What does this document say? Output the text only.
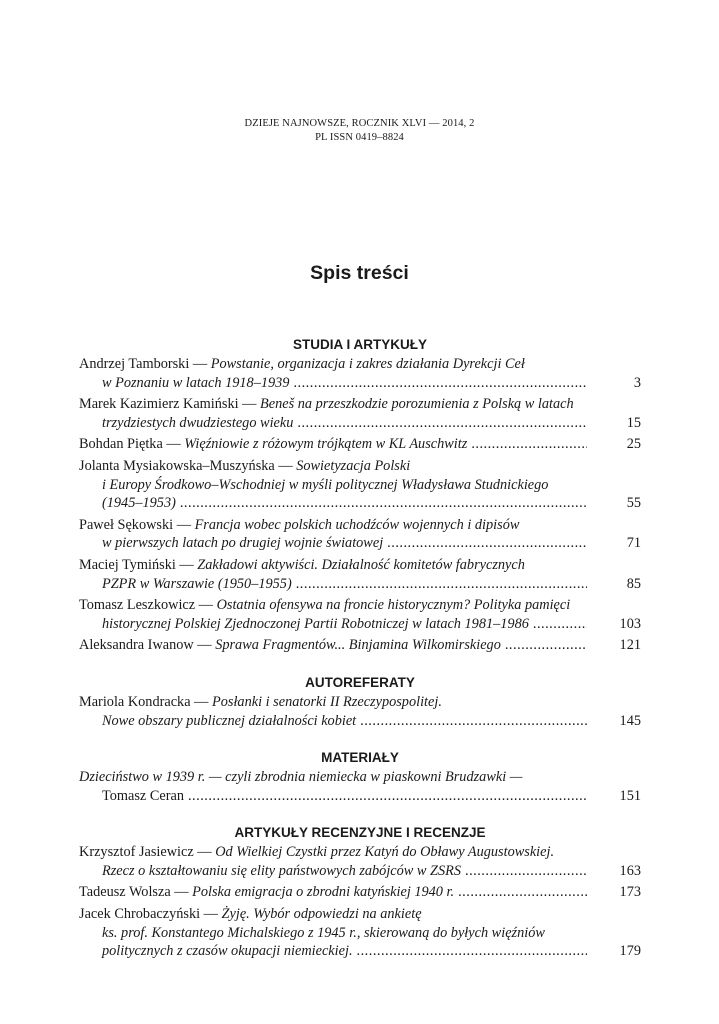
DZIEJE NAJNOWSZE, ROCZNIK XLVI — 2014, 2
PL ISSN 0419–8824
Spis treści
STUDIA I ARTYKUŁY
Andrzej Tamborski — Powstanie, organizacja i zakres działania Dyrekcji Ceł
w Poznaniu w latach 1918–1939 .....	3
Marek Kazimierz Kamiński — Beneš na przeszkodzie porozumienia z Polską w latach
trzydziestych dwudziestego wieku .....	15
Bohdan Piętka — Więźniowie z różowym trójkątem w KL Auschwitz .....	25
Jolanta Mysiakowska–Muszyńska — Sowietyzacja Polski
i Europy Środkowo–Wschodniej w myśli politycznej Władysława Studnickiego
(1945–1953) .....	55
Paweł Sękowski — Francja wobec polskich uchodźców wojennych i dipisów
w pierwszych latach po drugiej wojnie światowej .....	71
Maciej Tymiński — Zakładowi aktywiści. Działalność komitetów fabrycznych
PZPR w Warszawie (1950–1955) .....	85
Tomasz Leszkowicz — Ostatnia ofensywa na froncie historycznym? Polityka pamięci
historycznej Polskiej Zjednoczonej Partii Robotniczej w latach 1981–1986 .....	103
Aleksandra Iwanow — Sprawa Fragmentów... Binjamina Wilkomirskiego .....	121
AUTOREFERATY
Mariola Kondracka — Posłanki i senatorki II Rzeczypospolitej.
Nowe obszary publicznej działalności kobiet .....	145
MATERIAŁY
Dzieciństwo w 1939 r. — czyli zbrodnia niemiecka w piaskowni Brudzawki —
Tomasz Ceran .....	151
ARTYKUŁY RECENZYJNE I RECENZJE
Krzysztof Jasiewicz — Od Wielkiej Czystki przez Katyń do Obławy Augustowskiej.
Rzecz o kształtowaniu się elity państwowych zabójców w ZSRS .....	163
Tadeusz Wolsza — Polska emigracja o zbrodni katyńskiej 1940 r. .....	173
Jacek Chrobaczyński — Żyję. Wybór odpowiedzi na ankietę
ks. prof. Konstantego Michalskiego z 1945 r., skierowaną do byłych więźniów
politycznych z czasów okupacji niemieckiej. .....	179
